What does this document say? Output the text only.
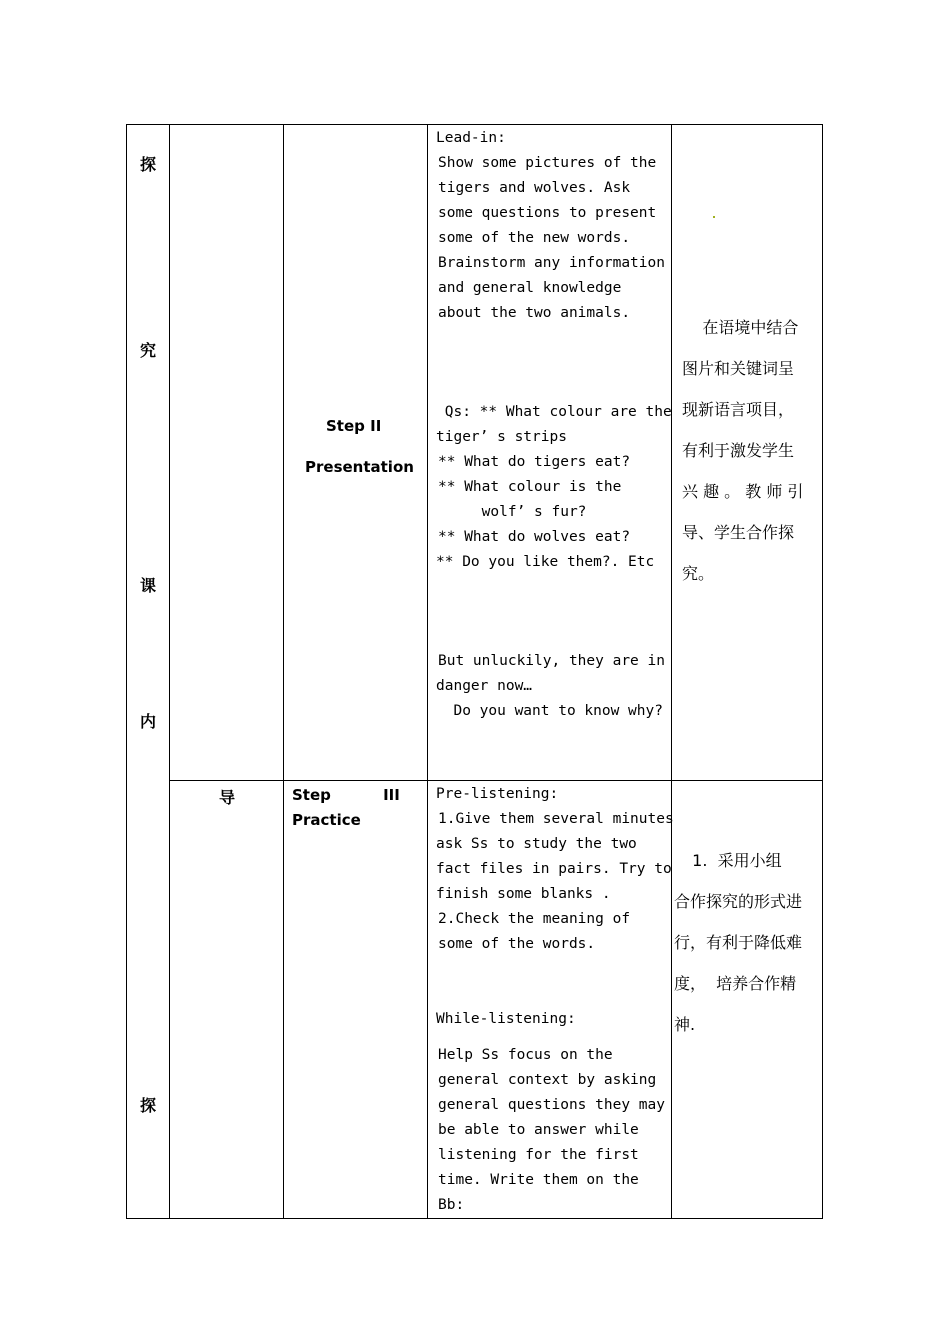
探
究
课
内
探
Step II
Presentation
Lead-in:
Show some pictures of the
tigers and wolves. Ask
some questions to present
some of the new words.
Brainstorm any information
and general knowledge
about the two animals.
Qs: ** What colour are the
tiger’ s strips
** What do tigers eat?
** What colour is the
wolf’ s fur?
** What do wolves eat?
** Do you like them?. Etc
But unluckily, they are in
danger now…
Do you want to know why?
在语境中结合
图片和关键词呈
现新语言项目，
有利于激发学生
兴 趣 。 教 师 引
导、学生合作探
究。
导	Step          III
Practice
Pre-listening:
1.Give them several minutes
ask Ss to study the two
fact files in pairs. Try to
finish some blanks .
2.Check the meaning of
some of the words.
While-listening:
Help Ss focus on the
general context by asking
general questions they may
be able to answer while
listening for the first
time. Write them on the
Bb:
1.  采用小组
合作探究的形式进
行，有利于降低难
度，  培养合作精
神.
